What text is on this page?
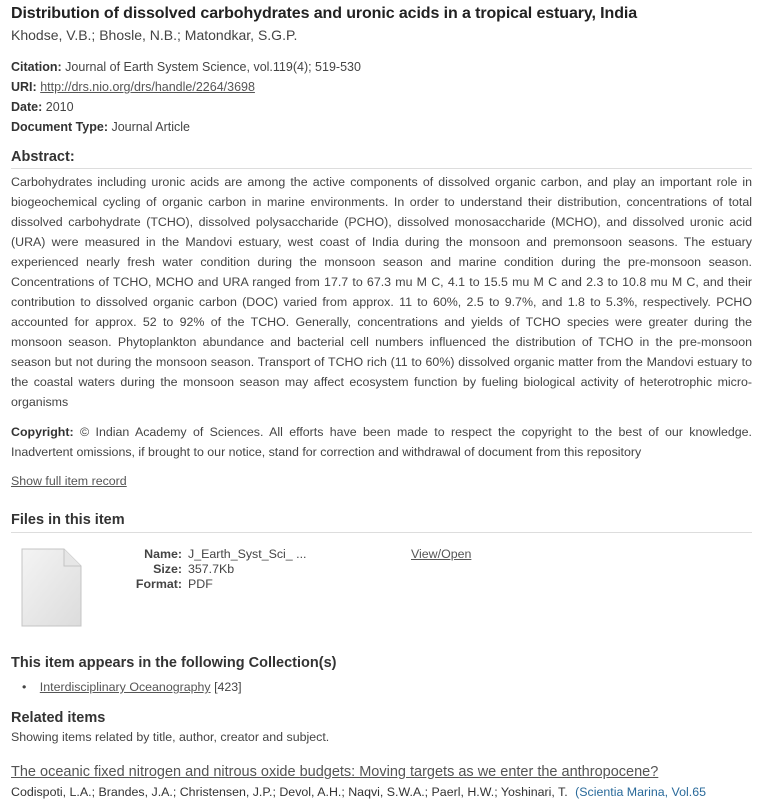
Distribution of dissolved carbohydrates and uronic acids in a tropical estuary, India
Khodse, V.B.; Bhosle, N.B.; Matondkar, S.G.P.
Citation: Journal of Earth System Science, vol.119(4); 519-530
URI: http://drs.nio.org/drs/handle/2264/3698
Date: 2010
Document Type: Journal Article
Abstract:

Carbohydrates including uronic acids are among the active components of dissolved organic carbon, and play an important role in biogeochemical cycling of organic carbon in marine environments. In order to understand their distribution, concentrations of total dissolved carbohydrate (TCHO), dissolved polysaccharide (PCHO), dissolved monosaccharide (MCHO), and dissolved uronic acid (URA) were measured in the Mandovi estuary, west coast of India during the monsoon and premonsoon seasons. The estuary experienced nearly fresh water condition during the monsoon season and marine condition during the pre-monsoon season. Concentrations of TCHO, MCHO and URA ranged from 17.7 to 67.3 mu M C, 4.1 to 15.5 mu M C and 2.3 to 10.8 mu M C, and their contribution to dissolved organic carbon (DOC) varied from approx. 11 to 60%, 2.5 to 9.7%, and 1.8 to 5.3%, respectively. PCHO accounted for approx. 52 to 92% of the TCHO. Generally, concentrations and yields of TCHO species were greater during the monsoon season. Phytoplankton abundance and bacterial cell numbers influenced the distribution of TCHO in the pre-monsoon season but not during the monsoon season. Transport of TCHO rich (11 to 60%) dissolved organic matter from the Mandovi estuary to the coastal waters during the monsoon season may affect ecosystem function by fueling biological activity of heterotrophic micro-organisms

Copyright: © Indian Academy of Sciences. All efforts have been made to respect the copyright to the best of our knowledge. Inadvertent omissions, if brought to our notice, stand for correction and withdrawal of document from this repository

Show full item record
Files in this item
Name:
Size:
Format:
J_Earth_Syst_Sci_ ...
357.7Kb
PDF
View/Open
This item appears in the following Collection(s)
• Interdisciplinary Oceanography [423]
Related items
Showing items related by title, author, creator and subject.
The oceanic fixed nitrogen and nitrous oxide budgets: Moving targets as we enter the anthropocene?
Codispoti, L.A.; Brandes, J.A.; Christensen, J.P.; Devol, A.H.; Naqvi, S.W.A.; Paerl, H.W.; Yoshinari, T. (Scientia Marina, Vol.65
